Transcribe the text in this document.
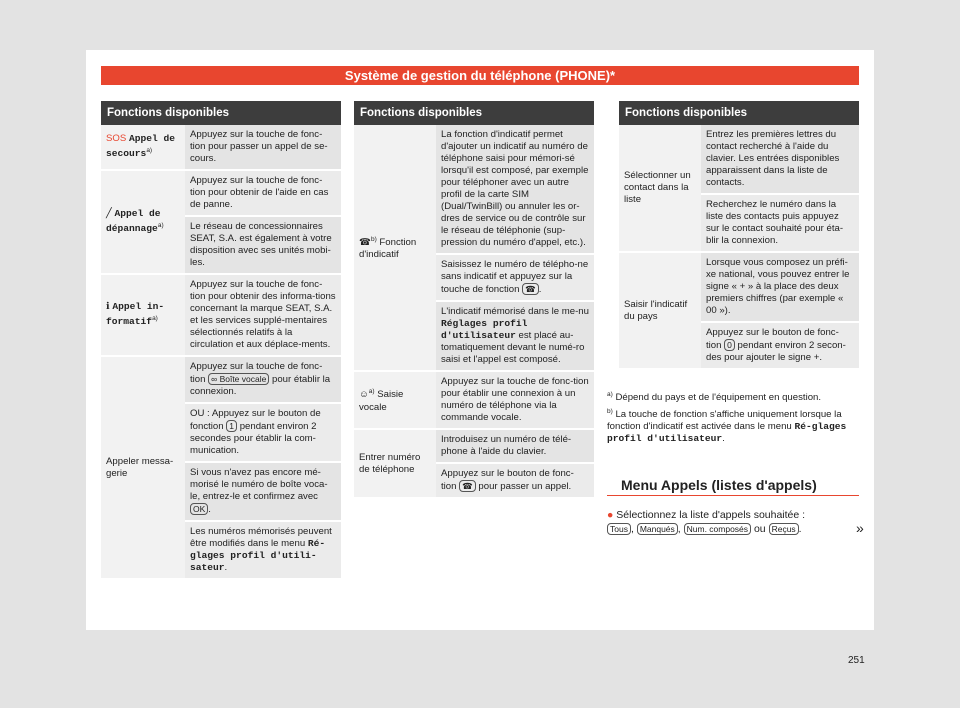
Système de gestion du téléphone (PHONE)*
Fonctions disponibles
SOS Appel de secours$^{a)}$	Appuyez sur la touche de fonc-tion pour passer un appel de se-cours.
╱ Appel de dépannage$^{a)}$	Appuyez sur la touche de fonc-tion pour obtenir de l'aide en cas de panne.
	Le réseau de concessionnaires SEAT, S.A. est également à votre disposition avec ses unités mobi-les.
ℹ Appel in-formatif$^{a)}$	Appuyez sur la touche de fonc-tion pour obtenir des informa-tions concernant la marque SEAT, S.A. et les services supplé-mentaires sélectionnés relatifs à la circulation et aux déplace-ments.
Appeler messa-gerie	Appuyez sur la touche de fonc-tion ∞ Boîte vocale pour établir la connexion.
	OU : Appuyez sur le bouton de fonction 1 pendant environ 2 secondes pour établir la com-munication.
	Si vous n'avez pas encore mé-morisé le numéro de boîte voca-le, entrez-le et confirmez avec OK .
	Les numéros mémorisés peuvent être modifiés dans le menu Ré-glages profil d'utili-sateur.
Fonctions disponibles
☎$^{b)}$ Fonction d'indicatif	La fonction d'indicatif permet d'ajouter un indicatif au numéro de téléphone saisi pour mémori-sé lorsqu'il est composé, par exemple pour téléphoner avec un autre profil de la carte SIM (Dual/TwinBill) ou annuler les or-dres de service ou de contrôle sur le réseau de téléphonie (sup-pression du numéro d'appel, etc.).
	Saisissez le numéro de télépho-ne sans indicatif et appuyez sur la touche de fonction ☎ .
	L'indicatif mémorisé dans le me-nu Réglages profil d'utilisateur est placé au-tomatiquement devant le numé-ro saisi et l'appel est composé.
☺$^{a)}$ Saisie vocale	Appuyez sur la touche de fonc-tion pour établir une connexion à un numéro de téléphone via la commande vocale.
Entrer numéro de téléphone	Introduisez un numéro de télé-phone à l'aide du clavier.
	Appuyez sur le bouton de fonc-tion ☎ pour passer un appel.
Fonctions disponibles
Sélectionner un contact dans la liste	Entrez les premières lettres du contact recherché à l'aide du clavier. Les entrées disponibles apparaissent dans la liste de contacts.
	Recherchez le numéro dans la liste des contacts puis appuyez sur le contact souhaité pour éta-blir la connexion.
Saisir l'indicatif du pays	Lorsque vous composez un préfi-xe national, vous pouvez entrer le signe « + » à la place des deux premiers chiffres (par exemple « 00 »).
	Appuyez sur le bouton de fonc-tion 0 pendant environ 2 secon-des pour ajouter le signe +.
$^{a)}$ Dépend du pays et de l'équipement en question.
$^{b)}$ La touche de fonction s'affiche uniquement lorsque la fonction d'indicatif est activée dans le menu Ré-glages profil d'utilisateur.
Menu Appels (listes d'appels)
● Sélectionnez la liste d'appels souhaitée :
Tous , Manqués , Num. composés ou Reçus .	»
251
